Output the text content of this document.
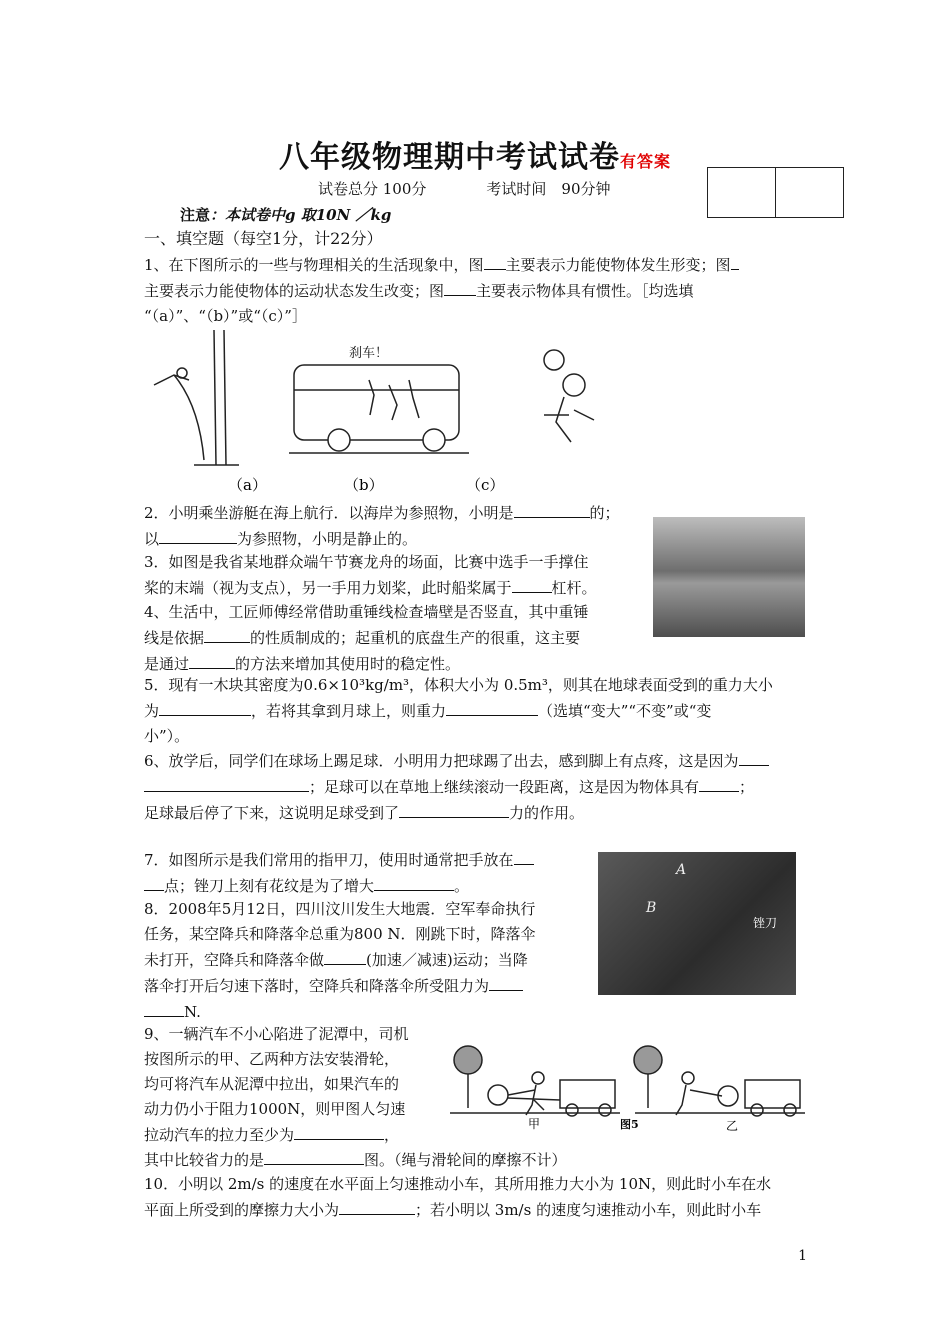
八年级物理期中考试试卷有答案
试卷总分 100分	考试时间　90分钟
注意：本试卷中g 取10N ／kg
一、填空题（每空1分，计22分）
1、在下图所示的一些与物理相关的生活现象中，图 主要表示力能使物体发生形变；图
主要表示力能使物体的运动状态发生改变；图 主要表示物体具有惯性。［均选填
“（a）”、“（b）”或“（c）”］
刹车！
（a）	（b）	（c）
2．小明乘坐游艇在海上航行．以海岸为参照物，小明是	的；
以	为参照物，小明是静止的。
3．如图是我省某地群众端午节赛龙舟的场面，比赛中选手一手撑住
桨的末端（视为支点），另一手用力划桨，此时船桨属于	杠杆。
4、生活中，工匠师傅经常借助重锤线检查墙壁是否竖直，其中重锤
线是依据	的性质制成的；起重机的底盘生产的很重，这主要
是通过	的方法来增加其使用时的稳定性。
5．现有一木块其密度为0.6×10³kg/m³，体积大小为 0.5m³，则其在地球表面受到的重力大小
为	，若将其拿到月球上，则重力	（选填“变大”“不变”或“变
小”）。
6、放学后，同学们在球场上踢足球．小明用力把球踢了出去，感到脚上有点疼，这是因为
；足球可以在草地上继续滚动一段距离，这是因为物体具有	；
足球最后停了下来，这说明足球受到了	力的作用。
A
B
锉刀
7．如图所示是我们常用的指甲刀，使用时通常把手放在
点；锉刀上刻有花纹是为了增大	。
8．2008年5月12日，四川汶川发生大地震．空军奉命执行
任务，某空降兵和降落伞总重为800 N．刚跳下时，降落伞
未打开，空降兵和降落伞做	(加速／减速)运动；当降
落伞打开后匀速下落时，空降兵和降落伞所受阻力为
N.
甲	图5	乙
9、一辆汽车不小心陷进了泥潭中，司机
按图所示的甲、乙两种方法安装滑轮，
均可将汽车从泥潭中拉出，如果汽车的
动力仍小于阻力1000N，则甲图人匀速
拉动汽车的拉力至少为	，
其中比较省力的是	图。（绳与滑轮间的摩擦不计）
10．小明以 2m/s 的速度在水平面上匀速推动小车，其所用推力大小为 10N，则此时小车在水
平面上所受到的摩擦力大小为	；若小明以 3m/s 的速度匀速推动小车，则此时小车
1
